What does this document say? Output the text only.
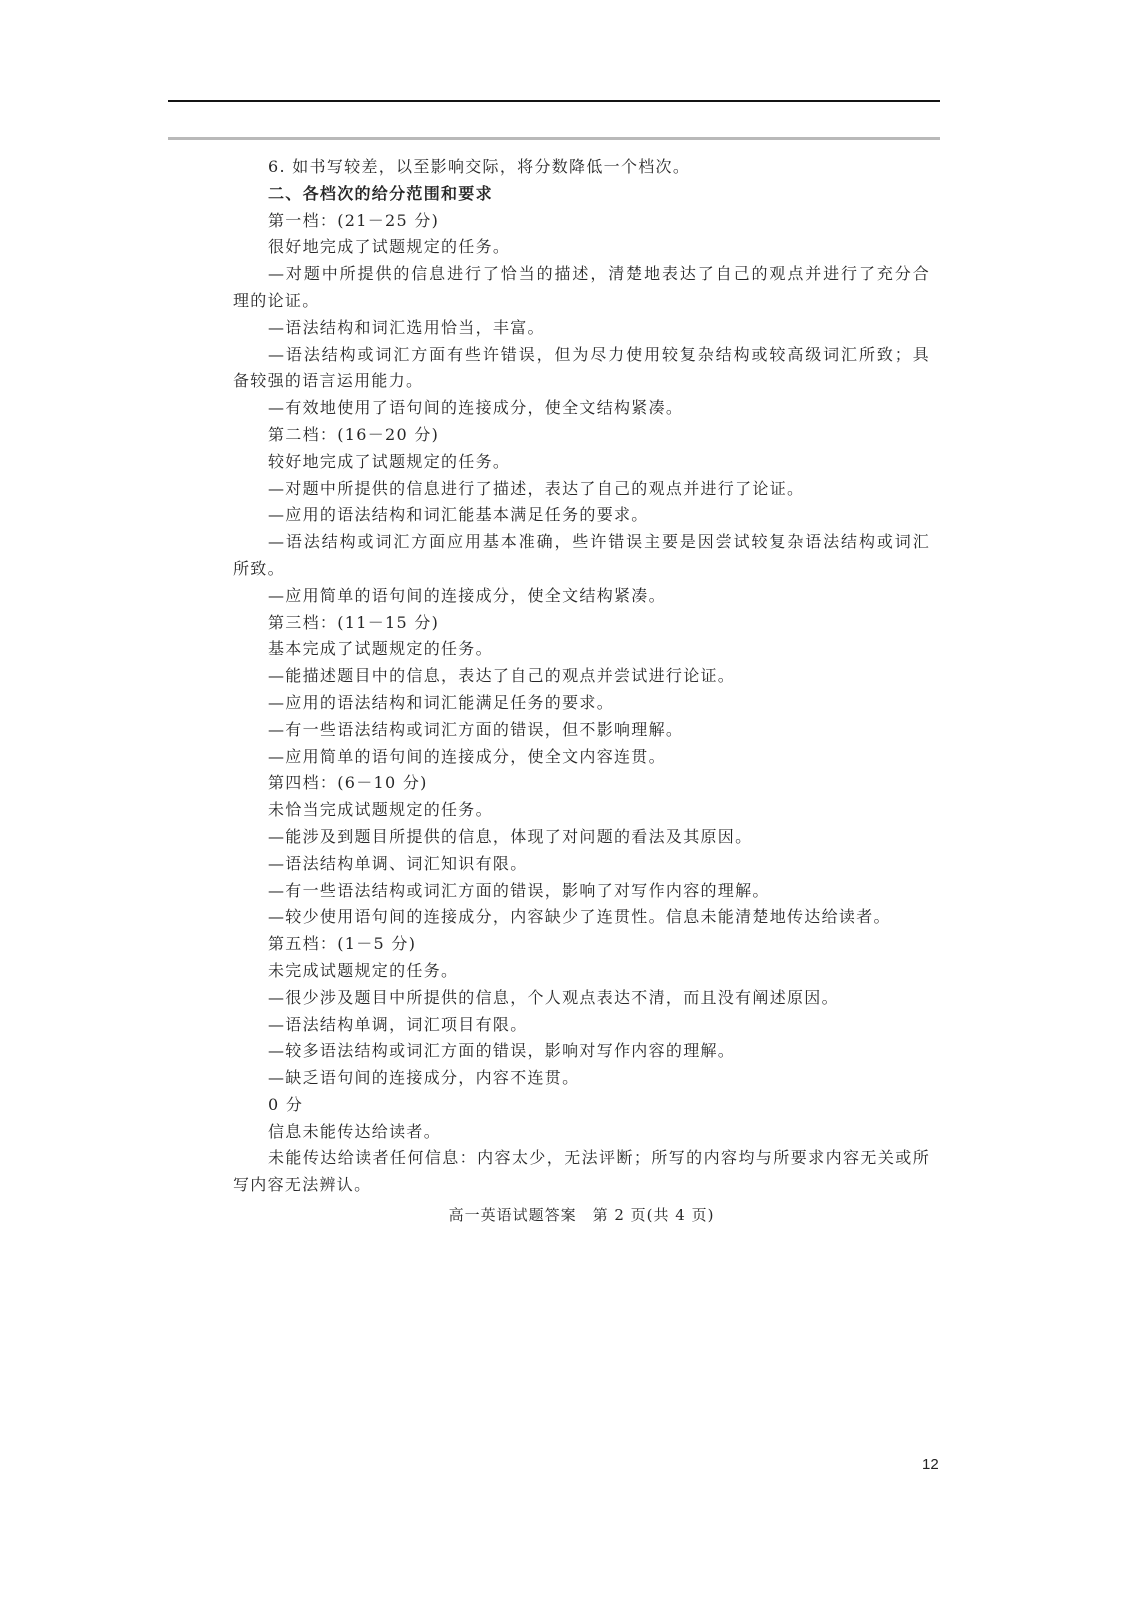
6. 如书写较差，以至影响交际，将分数降低一个档次。
二、各档次的给分范围和要求
第一档：(21－25 分)
很好地完成了试题规定的任务。
—对题中所提供的信息进行了恰当的描述，清楚地表达了自己的观点并进行了充分合
理的论证。
—语法结构和词汇选用恰当，丰富。
—语法结构或词汇方面有些许错误，但为尽力使用较复杂结构或较高级词汇所致；具
备较强的语言运用能力。
—有效地使用了语句间的连接成分，使全文结构紧凑。
第二档：(16－20 分)
较好地完成了试题规定的任务。
—对题中所提供的信息进行了描述，表达了自己的观点并进行了论证。
—应用的语法结构和词汇能基本满足任务的要求。
—语法结构或词汇方面应用基本准确，些许错误主要是因尝试较复杂语法结构或词汇
所致。
—应用简单的语句间的连接成分，使全文结构紧凑。
第三档：(11－15 分)
基本完成了试题规定的任务。
—能描述题目中的信息，表达了自己的观点并尝试进行论证。
—应用的语法结构和词汇能满足任务的要求。
—有一些语法结构或词汇方面的错误，但不影响理解。
—应用简单的语句间的连接成分，使全文内容连贯。
第四档：(6－10 分)
未恰当完成试题规定的任务。
—能涉及到题目所提供的信息，体现了对问题的看法及其原因。
—语法结构单调、词汇知识有限。
—有一些语法结构或词汇方面的错误，影响了对写作内容的理解。
—较少使用语句间的连接成分，内容缺少了连贯性。信息未能清楚地传达给读者。
第五档：(1－5 分)
未完成试题规定的任务。
—很少涉及题目中所提供的信息，个人观点表达不清，而且没有阐述原因。
—语法结构单调，词汇项目有限。
—较多语法结构或词汇方面的错误，影响对写作内容的理解。
—缺乏语句间的连接成分，内容不连贯。
0 分
信息未能传达给读者。
未能传达给读者任何信息：内容太少，无法评断；所写的内容均与所要求内容无关或所
写内容无法辨认。
高一英语试题答案　第 2 页(共 4 页)
12
